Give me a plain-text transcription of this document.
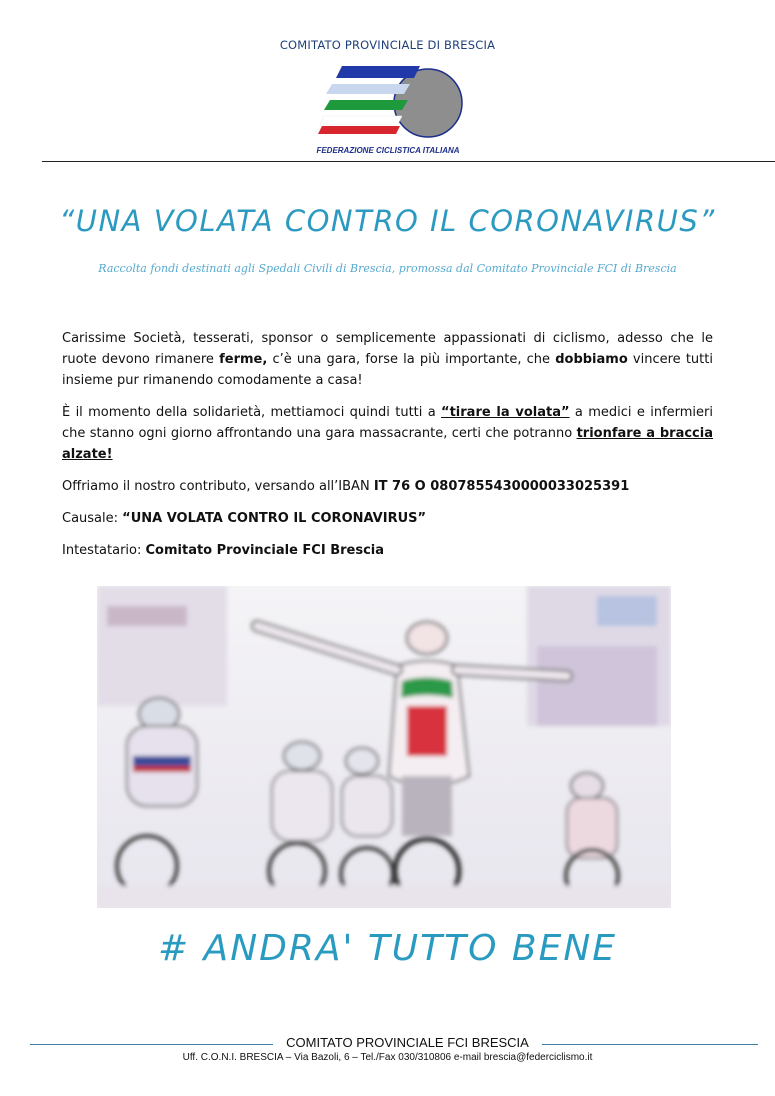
COMITATO PROVINCIALE DI BRESCIA
FEDERAZIONE CICLISTICA ITALIANA
“UNA VOLATA CONTRO IL CORONAVIRUS”
Raccolta fondi destinati agli Spedali Civili di Brescia, promossa dal Comitato Provinciale FCI di Brescia

Carissime Società, tesserati, sponsor o semplicemente appassionati di ciclismo, adesso che le ruote devono rimanere ferme, c’è una gara, forse la più importante, che dobbiamo vincere tutti insieme pur rimanendo comodamente a casa!

È il momento della solidarietà, mettiamoci quindi tutti a “tirare la volata” a medici e infermieri che stanno ogni giorno affrontando una gara massacrante, certi che potranno trionfare a braccia alzate!

Offriamo il nostro contributo, versando all’IBAN IT 76 O 0807855430000033025391

Causale: “UNA VOLATA CONTRO IL CORONAVIRUS”

Intestatario: Comitato Provinciale FCI Brescia

# ANDRA' TUTTO BENE
COMITATO PROVINCIALE FCI BRESCIA
Uff. C.O.N.I. BRESCIA – Via Bazoli, 6 – Tel./Fax 030/310806 e-mail brescia@federciclismo.it
